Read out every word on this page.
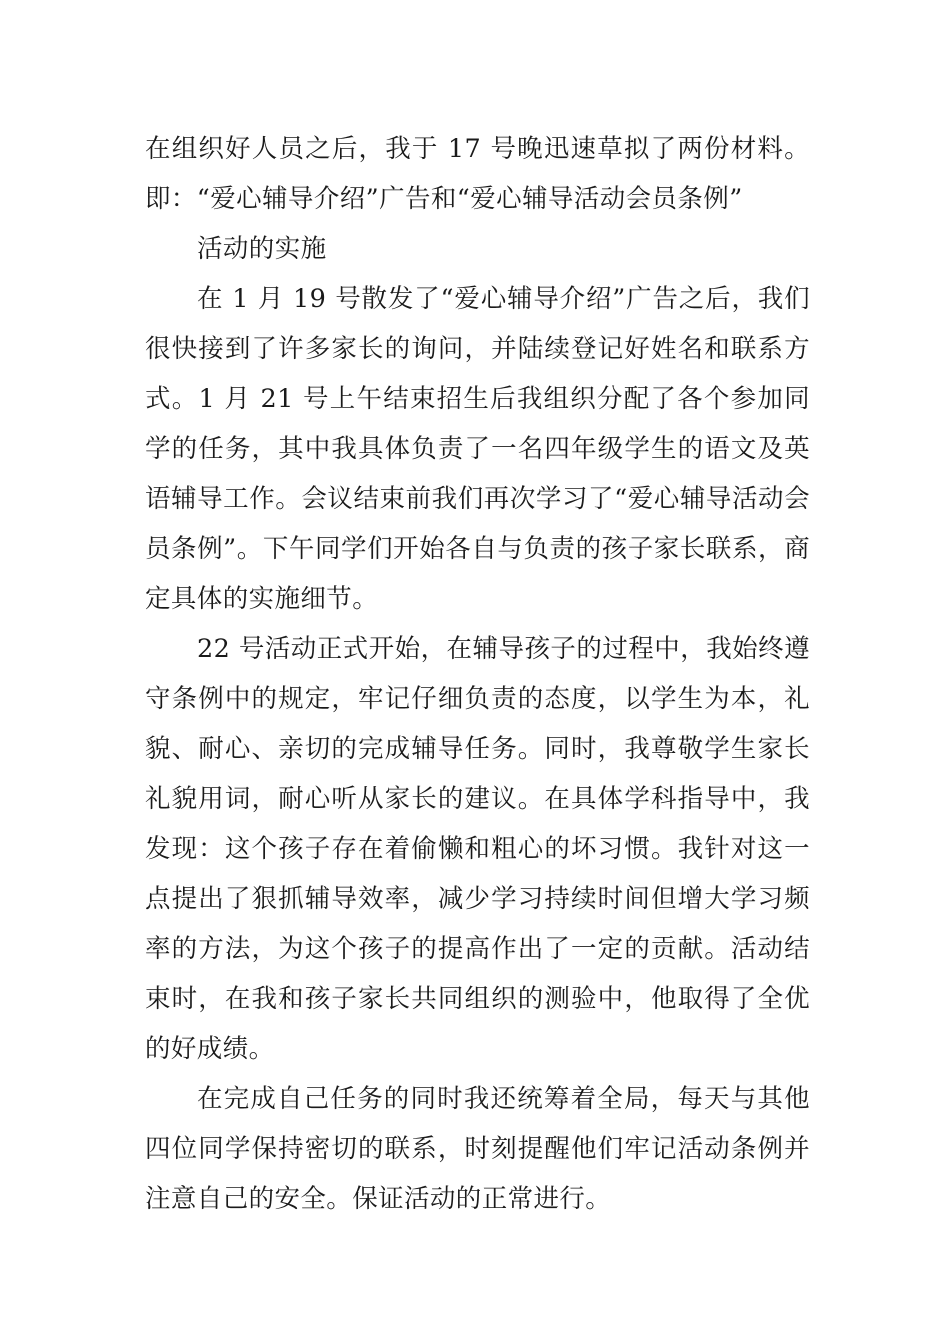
在组织好人员之后，我于 17 号晚迅速草拟了两份材料。即：“爱心辅导介绍”广告和“爱心辅导活动会员条例”

活动的实施

在 1 月 19 号散发了“爱心辅导介绍”广告之后，我们很快接到了许多家长的询问，并陆续登记好姓名和联系方式。1 月 21 号上午结束招生后我组织分配了各个参加同学的任务，其中我具体负责了一名四年级学生的语文及英语辅导工作。会议结束前我们再次学习了“爱心辅导活动会员条例”。下午同学们开始各自与负责的孩子家长联系，商定具体的实施细节。

22 号活动正式开始，在辅导孩子的过程中，我始终遵守条例中的规定，牢记仔细负责的态度，以学生为本，礼貌、耐心、亲切的完成辅导任务。同时，我尊敬学生家长礼貌用词，耐心听从家长的建议。在具体学科指导中，我发现：这个孩子存在着偷懒和粗心的坏习惯。我针对这一点提出了狠抓辅导效率，减少学习持续时间但增大学习频率的方法，为这个孩子的提高作出了一定的贡献。活动结束时，在我和孩子家长共同组织的测验中，他取得了全优的好成绩。

在完成自己任务的同时我还统筹着全局，每天与其他四位同学保持密切的联系，时刻提醒他们牢记活动条例并注意自己的安全。保证活动的正常进行。
